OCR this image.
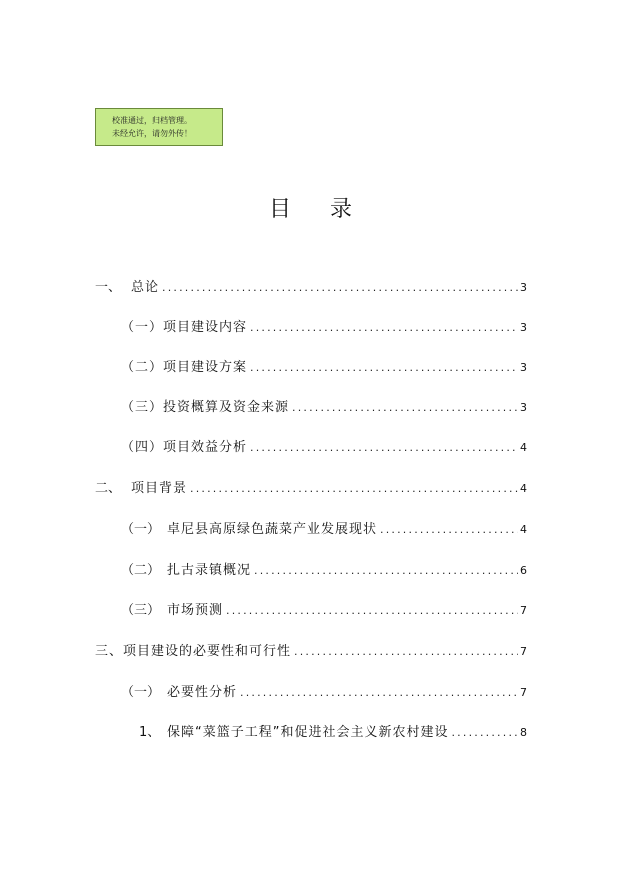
校准通过，归档管理。
未经允许，请勿外传！
目 录
一、 总论 .....	3
（一）项目建设内容 .....	3
（二）项目建设方案 .....	3
（三）投资概算及资金来源 .....	3
（四）项目效益分析 .....	4
二、 项目背景 .....	4
（一） 卓尼县高原绿色蔬菜产业发展现状 .....	4
（二） 扎古录镇概况 .....	6
（三） 市场预测 .....	7
三、项目建设的必要性和可行性 .....	7
（一） 必要性分析 .....	7
1、 保障“菜篮子工程”和促进社会主义新农村建设 .....	8
